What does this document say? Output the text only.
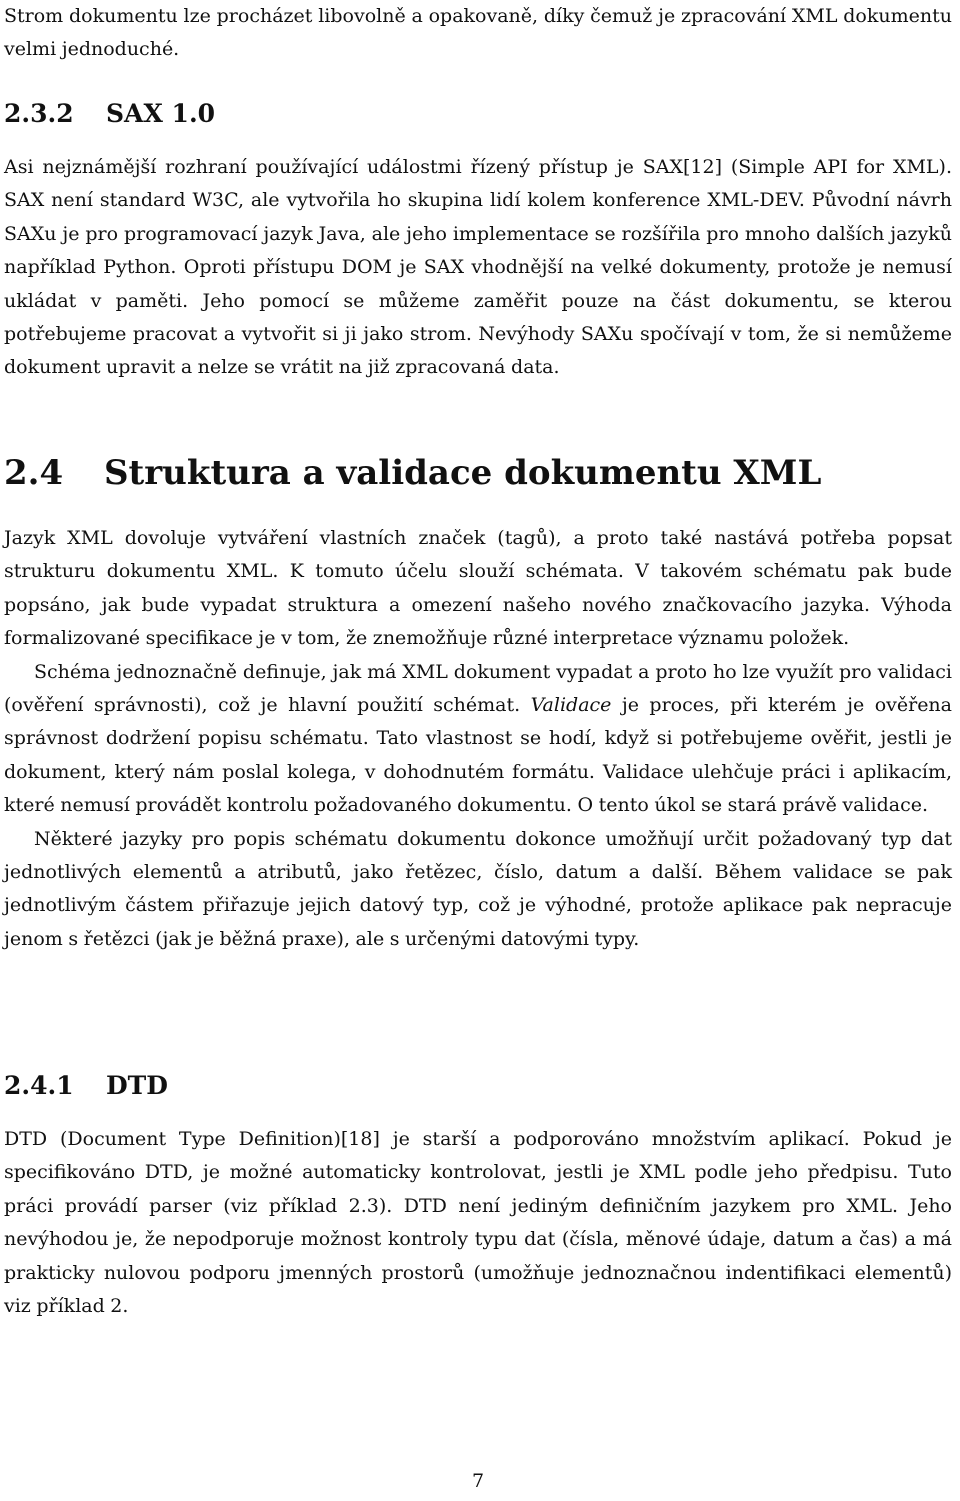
Strom dokumentu lze procházet libovolně a opakovaně, díky čemuž je zpracování XML dokumentu velmi jednoduché.

2.3.2 SAX 1.0

Asi nejznámější rozhraní používající událostmi řízený přístup je SAX[12] (Simple API for XML). SAX není standard W3C, ale vytvořila ho skupina lidí kolem konference XML-DEV. Původní návrh SAXu je pro programovací jazyk Java, ale jeho implementace se rozšířila pro mnoho dalších jazyků například Python. Oproti přístupu DOM je SAX vhodnější na velké dokumenty, protože je nemusí ukládat v paměti. Jeho pomocí se můžeme zaměřit pouze na část dokumentu, se kterou potřebujeme pracovat a vytvořit si ji jako strom. Nevýhody SAXu spočívají v tom, že si nemůžeme dokument upravit a nelze se vrátit na již zpracovaná data.

2.4 Struktura a validace dokumentu XML

Jazyk XML dovoluje vytváření vlastních značek (tagů), a proto také nastává potřeba popsat strukturu dokumentu XML. K tomuto účelu slouží schémata. V takovém schématu pak bude popsáno, jak bude vypadat struktura a omezení našeho nového značkovacího jazyka. Výhoda formalizované specifikace je v tom, že znemožňuje různé interpretace významu položek.

Schéma jednoznačně definuje, jak má XML dokument vypadat a proto ho lze využít pro validaci (ověření správnosti), což je hlavní použití schémat. Validace je proces, při kterém je ověřena správnost dodržení popisu schématu. Tato vlastnost se hodí, když si potřebujeme ověřit, jestli je dokument, který nám poslal kolega, v dohodnutém formátu. Validace ulehčuje práci i aplikacím, které nemusí provádět kontrolu požadovaného dokumentu. O tento úkol se stará právě validace.

Některé jazyky pro popis schématu dokumentu dokonce umožňují určit požadovaný typ dat jednotlivých elementů a atributů, jako řetězec, číslo, datum a další. Během validace se pak jednotlivým částem přiřazuje jejich datový typ, což je výhodné, protože aplikace pak nepracuje jenom s řetězci (jak je běžná praxe), ale s určenými datovými typy.

2.4.1 DTD

DTD (Document Type Definition)[18] je starší a podporováno množstvím aplikací. Pokud je specifikováno DTD, je možné automaticky kontrolovat, jestli je XML podle jeho předpisu. Tuto práci provádí parser (viz příklad 2.3). DTD není jediným definičním jazykem pro XML. Jeho nevýhodou je, že nepodporuje možnost kontroly typu dat (čísla, měnové údaje, datum a čas) a má prakticky nulovou podporu jmenných prostorů (umožňuje jednoznačnou indentifikaci elementů) viz příklad 2.

7
